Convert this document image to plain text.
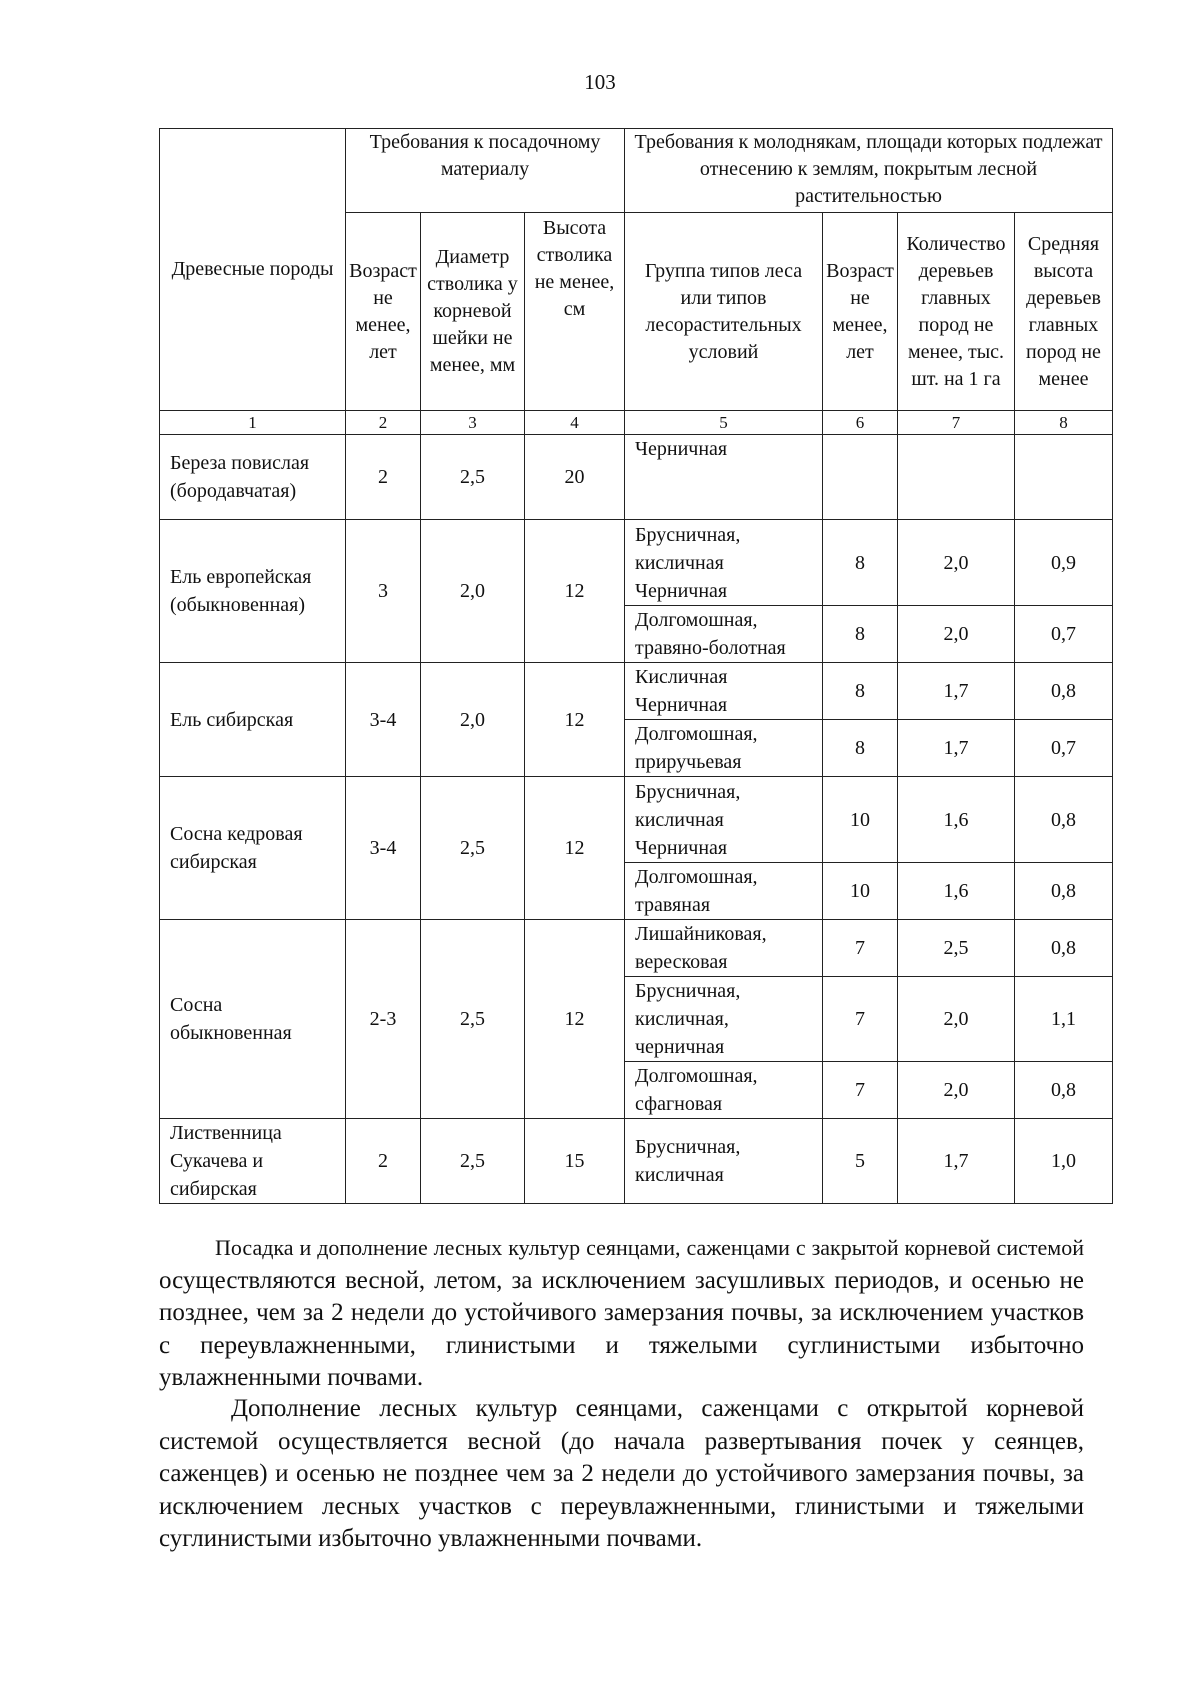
103
Древесные породы	Требования к посадочному материалу			Требования к молоднякам, площади которых подлежат отнесению к землям, покрытым лесной растительностью			
	Возраст не менее, лет	Диаметр стволика у корневой шейки не менее, мм	Высота стволика не менее, см	Группа типов леса или типов лесорастительных условий	Возраст не менее, лет	Количество деревьев главных пород не менее, тыс. шт. на 1 га	Средняя высота деревьев главных пород не менее
1	2	3	4	5	6	7	8
Береза повислая (бородавчатая)	2	2,5	20	Черничная			
Ель европейская (обыкновенная)	3	2,0	12	Брусничная, кисличная Черничная	8	2,0	0,9
				Долгомошная, травяно-болотная	8	2,0	0,7
Ель сибирская	3-4	2,0	12	Кисличная Черничная	8	1,7	0,8
				Долгомошная, приручьевая	8	1,7	0,7
Сосна кедровая сибирская	3-4	2,5	12	Брусничная, кисличная Черничная	10	1,6	0,8
				Долгомошная, травяная	10	1,6	0,8
Сосна обыкновенная	2-3	2,5	12	Лишайниковая, вересковая	7	2,5	0,8
				Брусничная, кисличная, черничная	7	2,0	1,1
				Долгомошная, сфагновая	7	2,0	0,8
Лиственница Сукачева и сибирская	2	2,5	15	Брусничная, кисличная	5	1,7	1,0

Посадка и дополнение лесных культур сеянцами, саженцами с закрытой корневой системой осуществляются весной, летом, за исключением засушливых периодов, и осенью не позднее, чем за 2 недели до устойчивого замерзания почвы, за исключением участков с переувлажненными, глинистыми и тяжелыми суглинистыми избыточно увлажненными почвами.

Дополнение лесных культур сеянцами, саженцами с открытой корневой системой осуществляется весной (до начала развертывания почек у сеянцев, саженцев) и осенью не позднее чем за 2 недели до устойчивого замерзания почвы, за исключением лесных участков с переувлажненными, глинистыми и тяжелыми суглинистыми избыточно увлажненными почвами.
